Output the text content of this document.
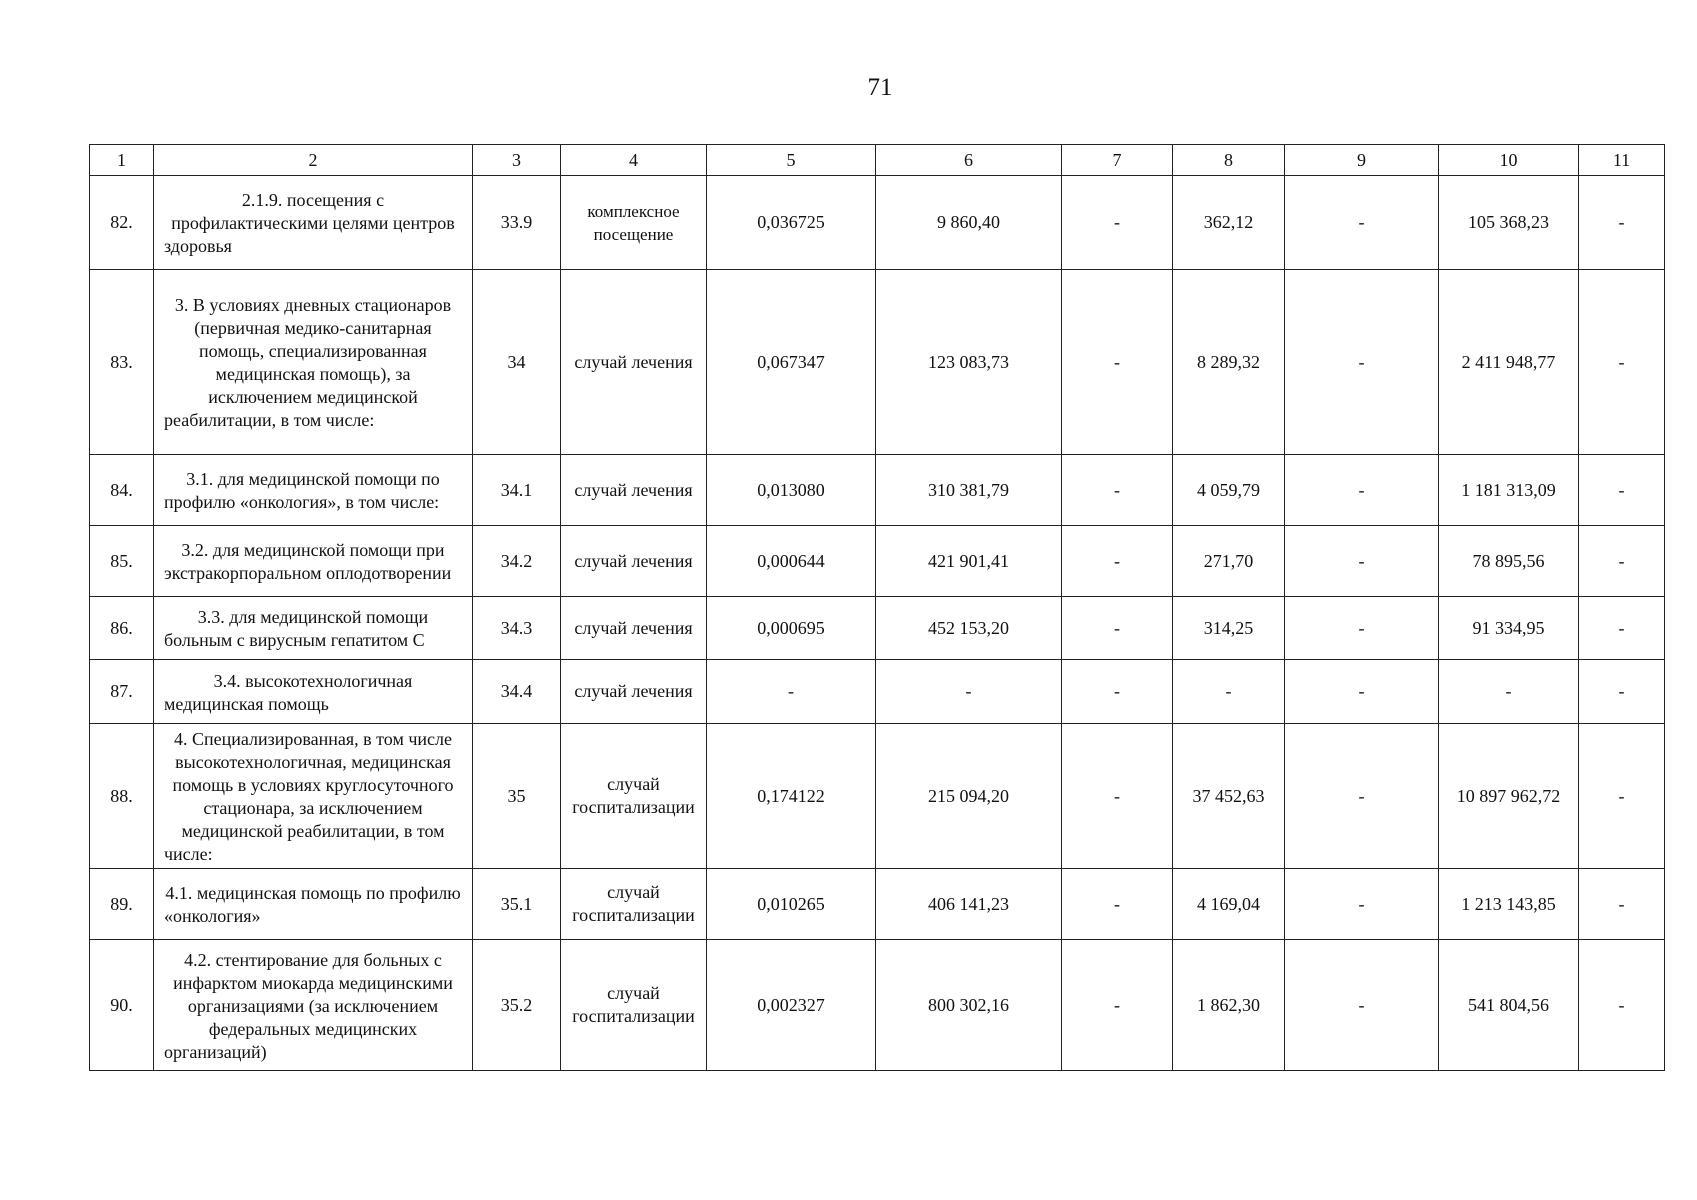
71
1	2	3	4	5	6	7	8	9	10	11
82.	2.1.9. посещения с профилактическими целями центров здоровья	33.9	комплексное посещение	0,036725	9 860,40	-	362,12	-	105 368,23	-
83.	3. В условиях дневных стационаров (первичная медико-санитарная помощь, специализированная медицинская помощь), за исключением медицинской реабилитации, в том числе:	34	случай лечения	0,067347	123 083,73	-	8 289,32	-	2 411 948,77	-
84.	3.1. для медицинской помощи по профилю «онкология», в том числе:	34.1	случай лечения	0,013080	310 381,79	-	4 059,79	-	1 181 313,09	-
85.	3.2. для медицинской помощи при экстракорпоральном оплодотворении	34.2	случай лечения	0,000644	421 901,41	-	271,70	-	78 895,56	-
86.	3.3. для медицинской помощи больным с вирусным гепатитом С	34.3	случай лечения	0,000695	452 153,20	-	314,25	-	91 334,95	-
87.	3.4. высокотехнологичная медицинская помощь	34.4	случай лечения	-	-	-	-	-	-	-
88.	4. Специализированная, в том числе высокотехнологичная, медицинская помощь в условиях круглосуточного стационара, за исключением медицинской реабилитации, в том числе:	35	случай госпитализации	0,174122	215 094,20	-	37 452,63	-	10 897 962,72	-
89.	4.1. медицинская помощь по профилю «онкология»	35.1	случай госпитализации	0,010265	406 141,23	-	4 169,04	-	1 213 143,85	-
90.	4.2. стентирование для больных с инфарктом миокарда медицинскими организациями (за исключением федеральных медицинских организаций)	35.2	случай госпитализации	0,002327	800 302,16	-	1 862,30	-	541 804,56	-
